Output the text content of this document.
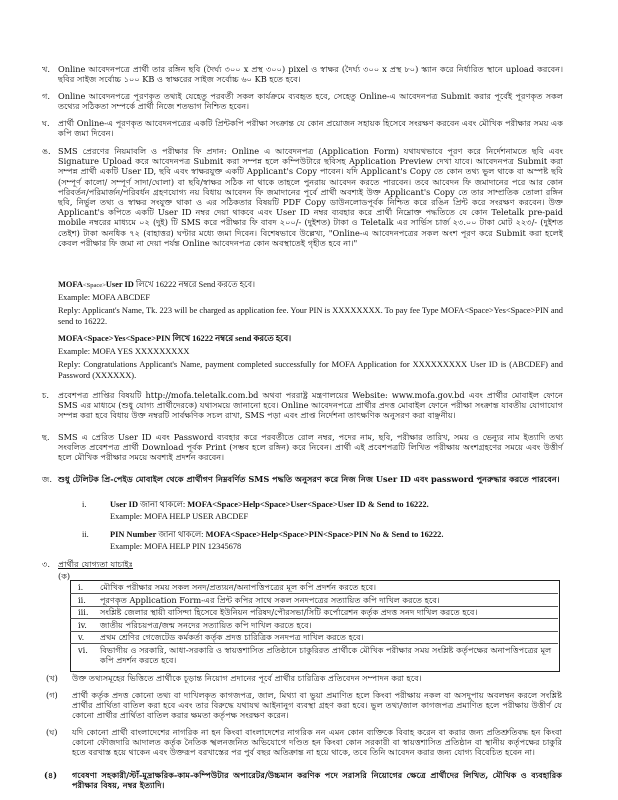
খ. Online আবেদনপত্রে প্রার্থী তার রঙ্গিন ছবি (দৈর্ঘ্য ৩০০ x প্রস্থ ৩০০) pixel ও স্বাক্ষর (দৈর্ঘ্য ৩০০ x প্রস্থ ৮০) স্ক্যান করে নির্ধারিত স্থানে upload করবেন। ছবির সাইজ সর্বোচ্চ ১০০ KB ও স্বাক্ষরের সাইজ সর্বোচ্চ ৬০ KB হতে হবে।
গ. Online আবেদনপত্রে পূরণকৃত তথ্যই যেহেতু পরবর্তী সকল কার্যক্রমে ব্যবহৃত হবে, সেহেতু Online-এ আবেদনপত্র Submit করার পূর্বেই পূরণকৃত সকল তথ্যের সঠিকতা সম্পর্কে প্রার্থী নিজে শতভাগ নিশ্চিত হবেন।
ঘ. প্রার্থী Online-এ পূরণকৃত আবেদনপত্রের একটি প্রিন্টকপি পরীক্ষা সংক্রান্ত যে কোন প্রয়োজন সহায়ক হিসেবে সংরক্ষণ করবেন এবং মৌখিক পরীক্ষার সময় এক কপি জমা দিবেন।
ঙ. SMS প্রেরণের নিয়মাবলি ও পরীক্ষার ফি প্রদান: Online এ আবেদনপত্র (Application Form) যথাযথভাবে পূরণ করে নির্দেশনামতে ছবি এবং Signature Upload করে আবেদনপত্র Submit করা সম্পন্ন হলে কম্পিউটারে ছবিসহ Application Preview দেখা যাবে। আবেদনপত্র Submit করা সম্পন্ন প্রার্থী একটি User ID, ছবি এবং স্বাক্ষরযুক্ত একটি Applicant's Copy পাবেন। যদি Applicant's Copy তে কোন তথ্য ভুল থাকে বা অস্পষ্ট ছবি (সম্পূর্ণ কালো/ সম্পূর্ণ সাদা/ঘোলা) বা ছবি/স্বাক্ষর সঠিক না থাকে তাহলে পুনরায় আবেদন করতে পারবেন। তবে আবেদন ফি জমাদানের পরে আর কোন পরিবর্তন/পরিমার্জন/পরিবর্ধন গ্রহণযোগ্য নয় বিধায় আবেদন ফি জমাদানের পূর্বে প্রার্থী অবশ্যই উক্ত Applicant's Copy তে তার সাম্প্রতিক তোলা রঙ্গিন ছবি, নির্ভুল তথ্য ও স্বাক্ষর সংযুক্ত থাকা ও এর সঠিকতার বিষয়টি PDF Copy ডাউনলোডপূর্বক নিশ্চিত করে রঙিন প্রিন্ট করে সংরক্ষণ করবেন। উক্ত Applicant's কপিতে একটি User ID নম্বর দেয়া থাকবে এবং User ID নম্বর ব্যবহার করে প্রার্থী নিম্নোক্ত পদ্ধতিতে যে কোন Teletalk pre-paid mobile নম্বরের মাধ্যমে ০২ (দুই) টি SMS করে পরীক্ষার ফি বাবদ ২০০/- (দুইশত) টাকা ও Teletalk এর সার্ভিস চার্জ ২৩.০০ টাকা মোট ২২৩/- (দুইশত তেইশ) টাকা অনধিক ৭২ (বাহাত্তর) ঘণ্টার মধ্যে জমা দিবেন। বিশেষভাবে উল্লেখ্য, "Online-এ আবেদনপত্রের সকল অংশ পূরণ করে Submit করা হলেই কেবল পরীক্ষার ফি জমা না দেয়া পর্যন্ত Online আবেদনপত্র কোন অবস্থাতেই গৃহীত হবে না।"
MOFA<Space>User ID লিখে 16222 নম্বরে Send করতে হবে।
Example: MOFA ABCDEF
Reply: Applicant's Name, Tk. 223 will be charged as application fee. Your PIN is XXXXXXXX. To pay fee Type MOFA<Space>Yes<Space>PIN and send to 16222.
MOFA<Space>Yes<Space>PIN লিখে 16222 নম্বরে send করতে হবে।
Example: MOFA YES XXXXXXXXX
Reply: Congratulations Applicant's Name, payment completed successfully for MOFA Application for XXXXXXXXX User ID is (ABCDEF) and Password (XXXXXX).
চ. প্রবেশপত্র প্রাপ্তির বিষয়টি http://mofa.teletalk.com.bd অথবা পররাষ্ট্র মন্ত্রণালয়ের Website: www.mofa.gov.bd এবং প্রার্থীর মোবাইল ফোনে SMS এর মাধ্যমে (শুধু যোগ্য প্রার্থীদেরকে) যথাসময়ে জানানো হবে। Online আবেদনপত্রে প্রার্থীর প্রদত্ত মোবাইল ফোনে পরীক্ষা সংক্রান্ত যাবতীয় যোগাযোগ সম্পন্ন করা হবে বিধায় উক্ত নম্বরটি সার্বক্ষণিক সচল রাখা, SMS পড়া এবং প্রাপ্ত নির্দেশনা তাৎক্ষণিক অনুসরণ করা বাঞ্ছনীয়।
ছ. SMS এ প্রেরিত User ID এবং Password ব্যবহার করে পরবর্তীতে রোল নম্বর, পদের নাম, ছবি, পরীক্ষার তারিখ, সময় ও ভেন্যুর নাম ইত্যাদি তথ্য সংবলিত প্রবেশপত্র প্রার্থী Download পূর্বক Print (সম্ভব হলে রঙ্গিন) করে নিবেন। প্রার্থী এই প্রবেশপত্রটি লিখিত পরীক্ষায় অংশগ্রহণের সময়ে এবং উত্তীর্ণ হলে মৌখিক পরীক্ষার সময়ে অবশ্যই প্রদর্শন করবেন।
জ. শুধু টেলিটক প্রি-পেইড মোবাইল থেকে প্রার্থীগণ নিম্নবর্ণিত SMS পদ্ধতি অনুসরণ করে নিজ নিজ User ID এবং password পুনরুদ্ধার করতে পারবেন।
i.	User ID জানা থাকলে: MOFA<Space>Help<Space>User<Space>User ID & Send to 16222.
Example: MOFA HELP USER ABCDEF
ii.	PIN Number জানা থাকলে: MOFA<Space>Help<Space>PIN<Space>PIN No & Send to 16222.
Example: MOFA HELP PIN 12345678
৩. প্রার্থীর যোগ্যতা যাচাইঃ
(ক)
i. মৌখিক পরীক্ষার সময় সকল সনদ/প্রত্যয়ন/অনাপত্তিপত্রের মূল কপি প্রদর্শন করতে হবে।
ii. পূরণকৃত Application Form-এর প্রিন্ট কপির সাথে সকল সনদপত্রের সত্যায়িত কপি দাখিল করতে হবে।
iii. সংশ্লিষ্ট জেলার স্থায়ী বাসিন্দা হিসেবে ইউনিয়ন পরিষদ/পৌরসভা/সিটি কর্পোরেশন কর্তৃক প্রদত্ত সনদ দাখিল করতে হবে।
iv. জাতীয় পরিচয়পত্র/জন্ম সনদের সত্যায়িত কপি দাখিল করতে হবে।
v. প্রথম শ্রেণির গেজেটেড কর্মকর্তা কর্তৃক প্রদত্ত চারিত্রিক সনদপত্র দাখিল করতে হবে।
vi. বিভাগীয় ও সরকারি, আধা-সরকারি ও স্বায়ত্তশাসিত প্রতিষ্ঠানে চাকুরিরত প্রার্থীকে মৌখিক পরীক্ষার সময় সংশ্লিষ্ট কর্তৃপক্ষের অনাপত্তিপত্রের মূল কপি প্রদর্শন করতে হবে।
(খ) উক্ত তথ্যসমূহের ভিত্তিতে প্রার্থীকে চূড়ান্ত নিয়োগ প্রদানের পূর্বে প্রার্থীর চারিত্রিক প্রতিবেদন সম্পাদন করা হবে।
(গ) প্রার্থী কর্তৃক প্রদত্ত কোনো তথ্য বা দাখিলকৃত কাগজপত্র, জাল, মিথ্যা বা ভুয়া প্রমাণিত হলে কিংবা পরীক্ষায় নকল বা অসদুপায় অবলম্বন করলে সংশ্লিষ্ট প্রার্থীর প্রার্থিতা বাতিল করা হবে এবং তার বিরুদ্ধে যথাযথ আইনানুগ ব্যবস্থা গ্রহণ করা হবে। ভুল তথ্য/জাল কাগজপত্র প্রমাণিত হলে পরীক্ষায় উত্তীর্ণ যে কোনো প্রার্থীর প্রার্থিতা বাতিল করার ক্ষমতা কর্তৃপক্ষ সংরক্ষণ করেন।
(ঘ) যদি কোনো প্রার্থী বাংলাদেশের নাগরিক না হন কিংবা বাংলাদেশের নাগরিক নন এমন কোন ব্যক্তিকে বিবাহ করেন বা করার জন্য প্রতিশ্রুতিবদ্ধ হন কিংবা কোনো ফৌজদারি আদালত কর্তৃক নৈতিক স্খলনজনিত অভিযোগে দণ্ডিত হন কিংবা কোন সরকারী বা স্বায়ত্তশাসিত প্রতিষ্ঠান বা স্থানীয় কর্তৃপক্ষের চাকুরি হতে বরখাস্ত হয়ে থাকেন এবং উক্তরূপ বরখাস্তের পর পুর্ব বছর অতিক্রান্ত না হয়ে থাকে, তবে তিনি আবেদন করার জন্য যোগ্য বিবেচিত হবেন না।
(৪) গবেষণা সহকারী/স্টাঁ-মুদ্রাক্ষরিক-কাম-কম্পিউটার অপারেটর/উচ্চমান করণিক পদে সরাসরি নিয়োগের ক্ষেত্রে প্রার্থীদের লিখিত, মৌখিক ও ব্যবহারিক পরীক্ষার বিষয়, নম্বর ইত্যাদি।
